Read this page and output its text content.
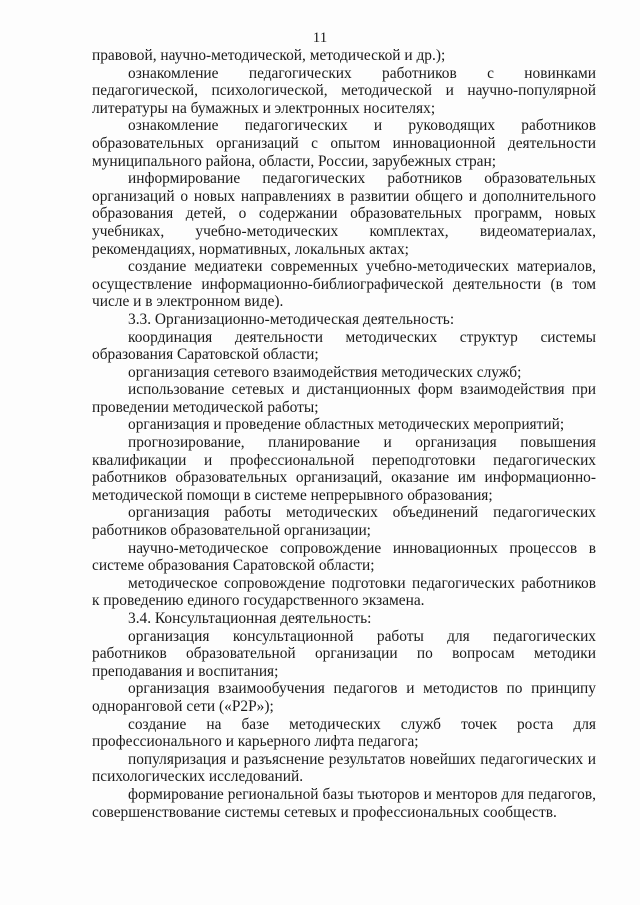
11

правовой, научно-методической, методической и др.);

ознакомление педагогических работников с новинками педагогической, психологической, методической и научно-популярной литературы на бумажных и электронных носителях;

ознакомление педагогических и руководящих работников образовательных организаций с опытом инновационной деятельности муниципального района, области, России, зарубежных стран;

информирование педагогических работников образовательных организаций о новых направлениях в развитии общего и дополнительного образования детей, о содержании образовательных программ, новых учебниках, учебно-методических комплектах, видеоматериалах, рекомендациях, нормативных, локальных актах;

создание медиатеки современных учебно-методических материалов, осуществление информационно-библиографической деятельности (в том числе и в электронном виде).

3.3. Организационно-методическая деятельность:

координация деятельности методических структур системы образования Саратовской области;

организация сетевого взаимодействия методических служб;

использование сетевых и дистанционных форм взаимодействия при проведении методической работы;

организация и проведение областных методических мероприятий;

прогнозирование, планирование и организация повышения квалификации и профессиональной переподготовки педагогических работников образовательных организаций, оказание им информационно-методической помощи в системе непрерывного образования;

организация работы методических объединений педагогических работников образовательной организации;

научно-методическое сопровождение инновационных процессов в системе образования Саратовской области;

методическое сопровождение подготовки педагогических работников к проведению единого государственного экзамена.

3.4. Консультационная деятельность:

организация консультационной работы для педагогических работников образовательной организации по вопросам методики преподавания и воспитания;

организация взаимообучения педагогов и методистов по принципу одноранговой сети («P2P»);

создание на базе методических служб точек роста для профессионального и карьерного лифта педагога;

популяризация и разъяснение результатов новейших педагогических и психологических исследований.

формирование региональной базы тьюторов и менторов для педагогов, совершенствование системы сетевых и профессиональных сообществ.
